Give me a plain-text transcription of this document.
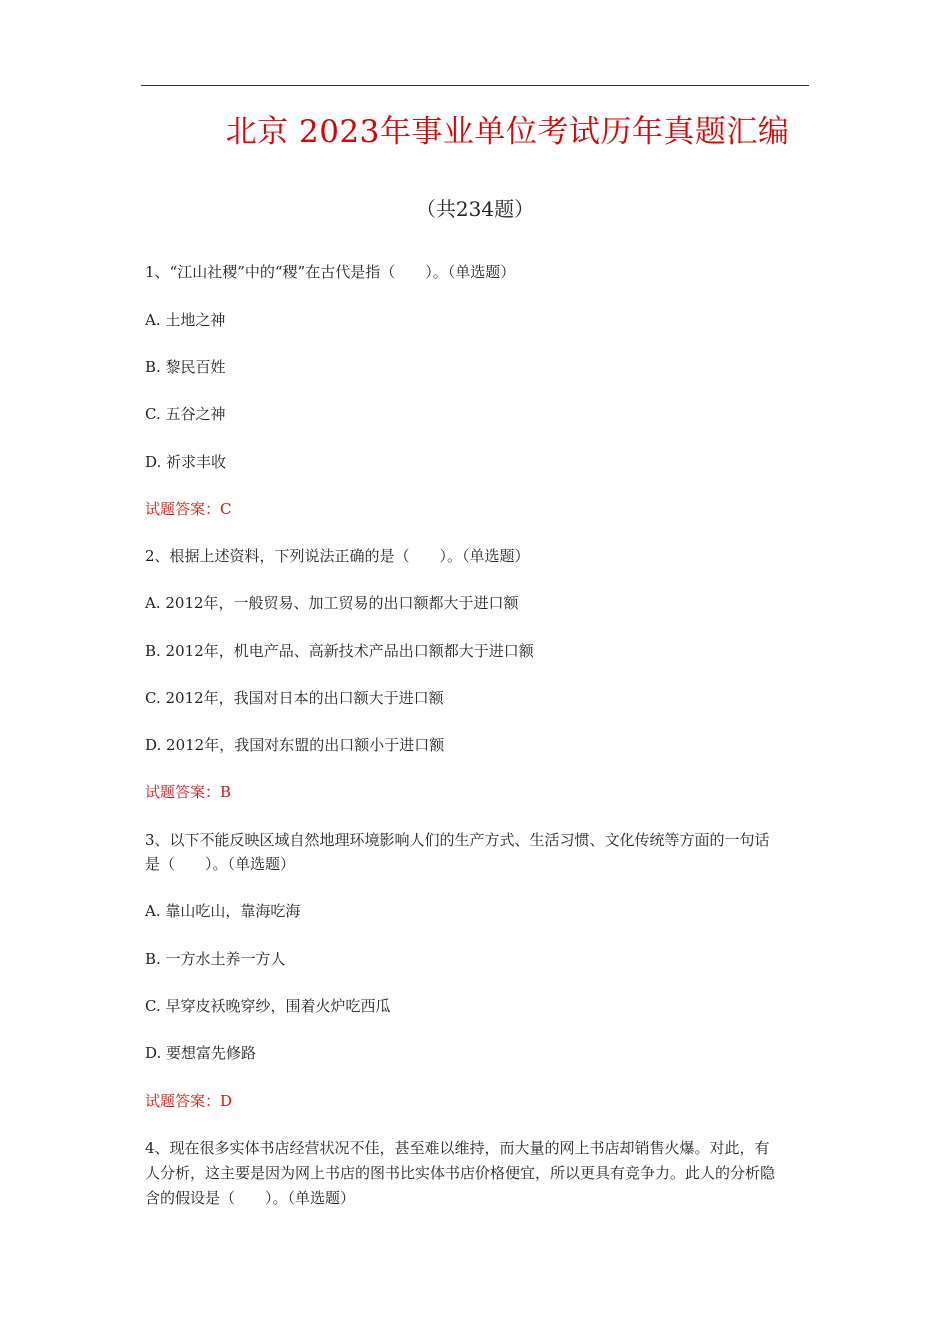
北京 2023年事业单位考试历年真题汇编
（共234题）
1、“江山社稷”中的“稷”在古代是指（　　）。（单选题）
A. 土地之神
B. 黎民百姓
C. 五谷之神
D. 祈求丰收
试题答案：C
2、根据上述资料，下列说法正确的是（　　）。（单选题）
A. 2012年，一般贸易、加工贸易的出口额都大于进口额
B. 2012年，机电产品、高新技术产品出口额都大于进口额
C. 2012年，我国对日本的出口额大于进口额
D. 2012年，我国对东盟的出口额小于进口额
试题答案：B
3、以下不能反映区域自然地理环境影响人们的生产方式、生活习惯、文化传统等方面的一句话
是（　　）。（单选题）
A. 靠山吃山，靠海吃海
B. 一方水土养一方人
C. 早穿皮袄晚穿纱，围着火炉吃西瓜
D. 要想富先修路
试题答案：D
4、现在很多实体书店经营状况不佳，甚至难以维持，而大量的网上书店却销售火爆。对此，有
人分析，这主要是因为网上书店的图书比实体书店价格便宜，所以更具有竞争力。此人的分析隐
含的假设是（　　）。（单选题）
